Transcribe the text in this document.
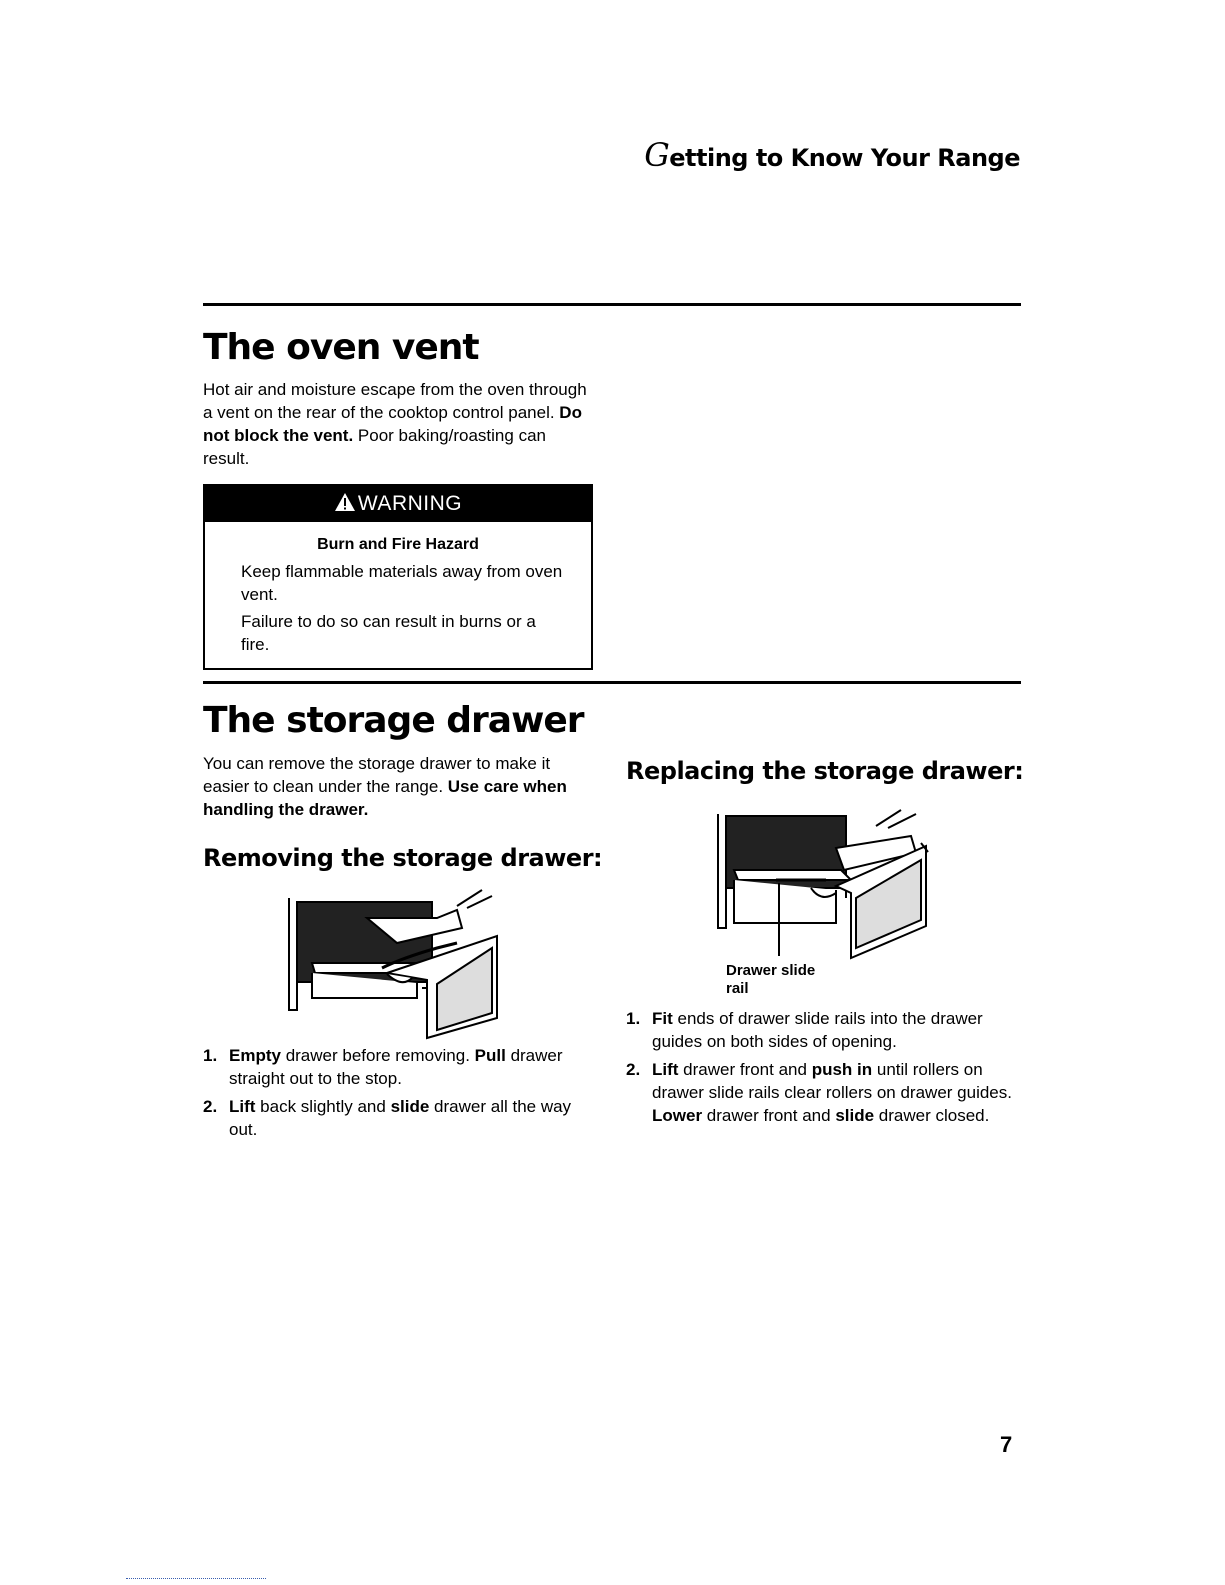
Getting to Know Your Range
The oven vent

Hot air and moisture escape from the oven through a vent on the rear of the cooktop control panel. Do not block the vent. Poor baking/roasting can result.

WARNING
Burn and Fire Hazard

Keep flammable materials away from oven vent.

Failure to do so can result in burns or a fire.

The storage drawer

You can remove the storage drawer to make it easier to clean under the range. Use care when handling the drawer.

Removing the storage drawer:
1. Empty drawer before removing. Pull drawer straight out to the stop.
2. Lift back slightly and slide drawer all the way out.
Replacing the storage drawer:
Drawer slide rail
1. Fit ends of drawer slide rails into the drawer guides on both sides of opening.
2. Lift drawer front and push in until rollers on drawer slide rails clear rollers on drawer guides. Lower drawer front and slide drawer closed.
7
